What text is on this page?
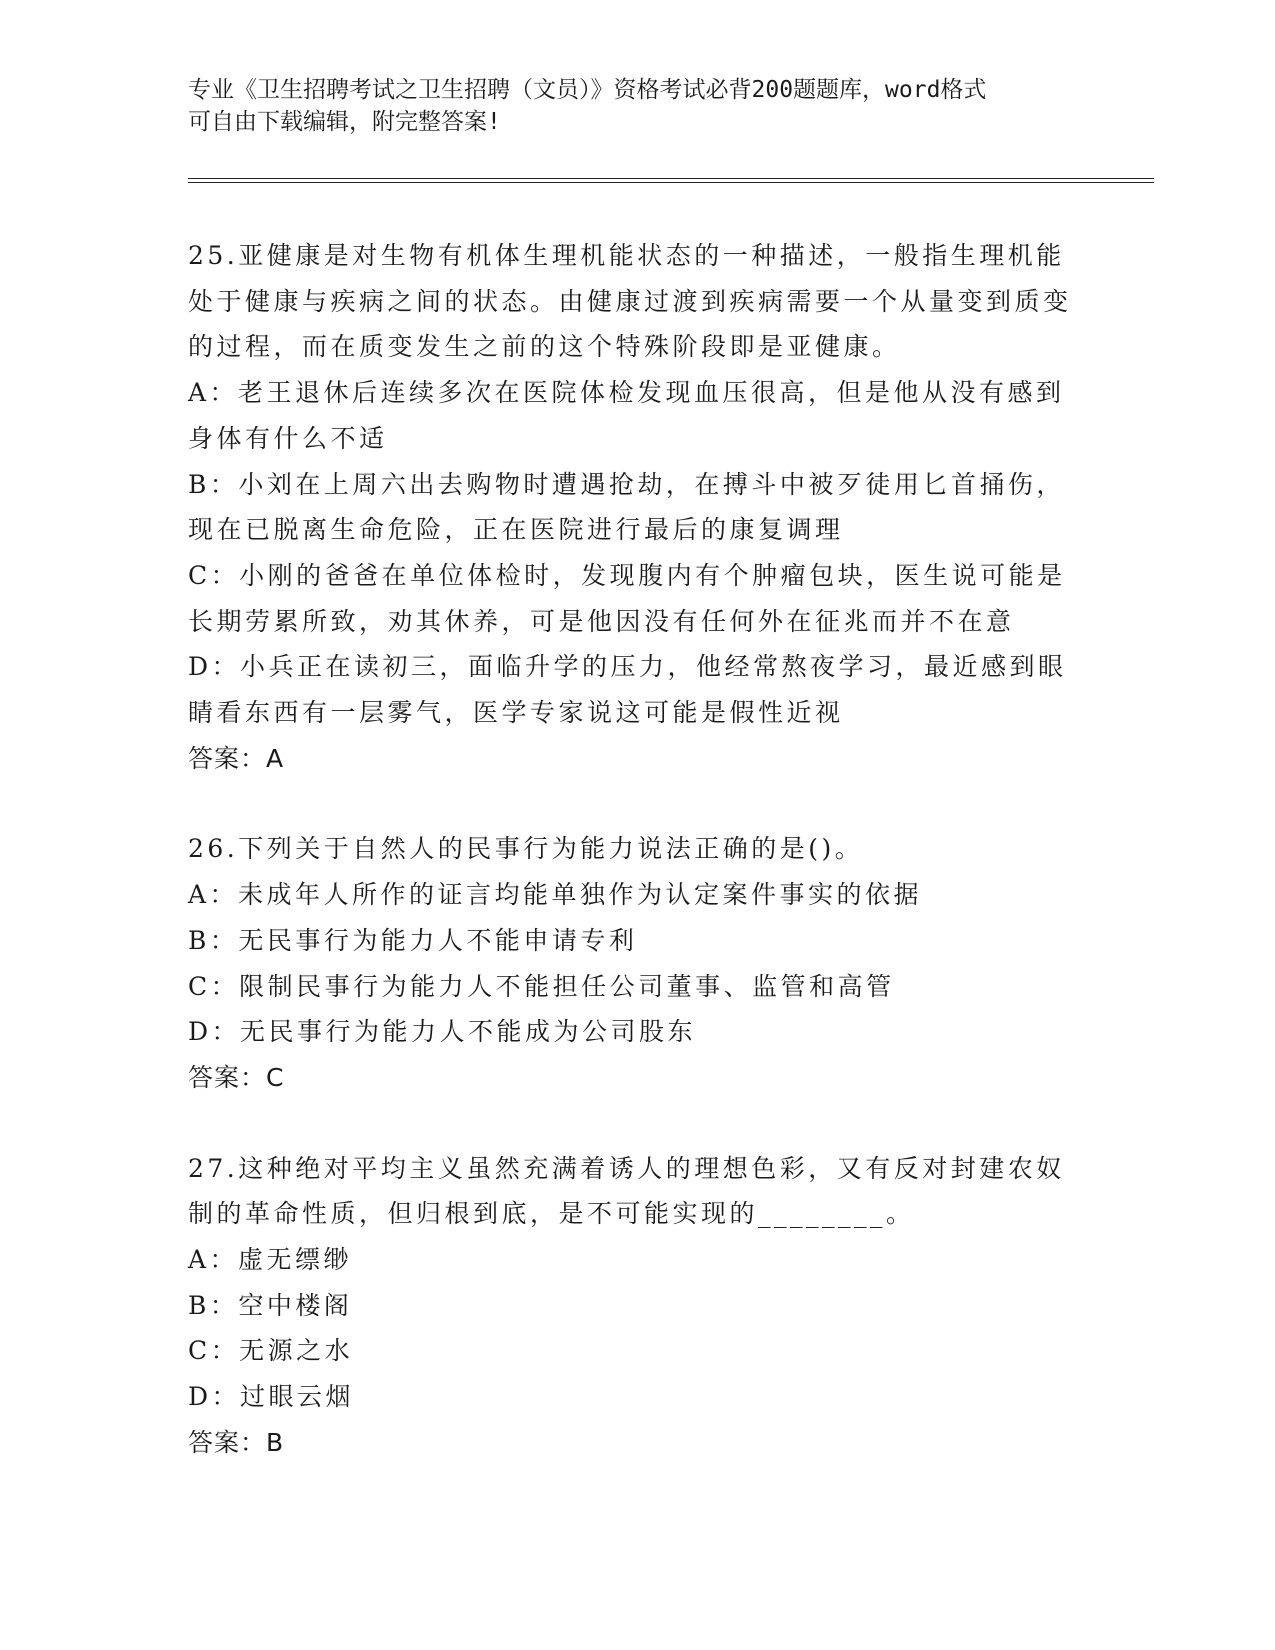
专业《卫生招聘考试之卫生招聘（文员）》资格考试必背200题题库，word格式
可自由下载编辑，附完整答案!

25.亚健康是对生物有机体生理机能状态的一种描述，一般指生理机能处于健康与疾病之间的状态。由健康过渡到疾病需要一个从量变到质变的过程，而在质变发生之前的这个特殊阶段即是亚健康。

A：老王退休后连续多次在医院体检发现血压很高，但是他从没有感到身体有什么不适

B：小刘在上周六出去购物时遭遇抢劫，在搏斗中被歹徒用匕首捅伤，现在已脱离生命危险，正在医院进行最后的康复调理

C：小刚的爸爸在单位体检时，发现腹内有个肿瘤包块，医生说可能是长期劳累所致，劝其休养，可是他因没有任何外在征兆而并不在意

D：小兵正在读初三，面临升学的压力，他经常熬夜学习，最近感到眼睛看东西有一层雾气，医学专家说这可能是假性近视

答案：A

26.下列关于自然人的民事行为能力说法正确的是()。

A：未成年人所作的证言均能单独作为认定案件事实的依据

B：无民事行为能力人不能申请专利

C：限制民事行为能力人不能担任公司董事、监管和高管

D：无民事行为能力人不能成为公司股东

答案：C

27.这种绝对平均主义虽然充满着诱人的理想色彩，又有反对封建农奴制的革命性质，但归根到底，是不可能实现的________。

A：虚无缥缈

B：空中楼阁

C：无源之水

D：过眼云烟

答案：B
